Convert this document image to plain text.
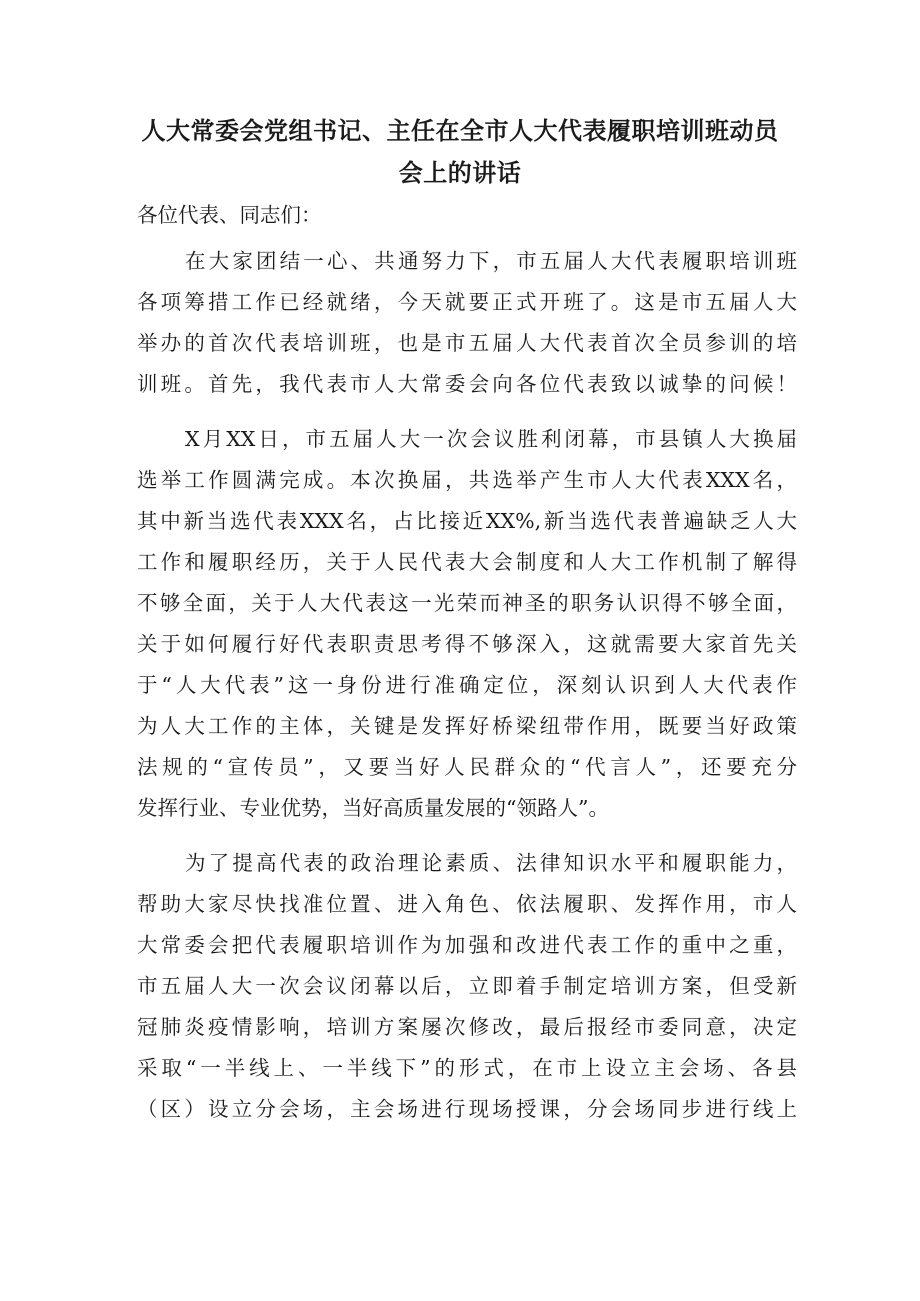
人大常委会党组书记、主任在全市人大代表履职培训班动员
会上的讲话

各位代表、同志们：

在大家团结一心、共通努力下，市五届人大代表履职培训班

各项筹措工作已经就绪，今天就要正式开班了。这是市五届人大

举办的首次代表培训班，也是市五届人大代表首次全员参训的培

训班。首先，我代表市人大常委会向各位代表致以诚挚的问候！

X月XX日，市五届人大一次会议胜利闭幕，市县镇人大换届

选举工作圆满完成。本次换届，共选举产生市人大代表XXX名，

其中新当选代表XXX名，占比接近XX%,新当选代表普遍缺乏人大

工作和履职经历，关于人民代表大会制度和人大工作机制了解得

不够全面，关于人大代表这一光荣而神圣的职务认识得不够全面，

关于如何履行好代表职责思考得不够深入，这就需要大家首先关

于“人大代表”这一身份进行准确定位，深刻认识到人大代表作

为人大工作的主体，关键是发挥好桥梁纽带作用，既要当好政策

法规的“宣传员”，又要当好人民群众的“代言人”，还要充分

发挥行业、专业优势，当好高质量发展的“领路人”。

为了提高代表的政治理论素质、法律知识水平和履职能力，

帮助大家尽快找准位置、进入角色、依法履职、发挥作用，市人

大常委会把代表履职培训作为加强和改进代表工作的重中之重，

市五届人大一次会议闭幕以后，立即着手制定培训方案，但受新

冠肺炎疫情影响，培训方案屡次修改，最后报经市委同意，决定

采取“一半线上、一半线下”的形式，在市上设立主会场、各县

（区）设立分会场，主会场进行现场授课，分会场同步进行线上
